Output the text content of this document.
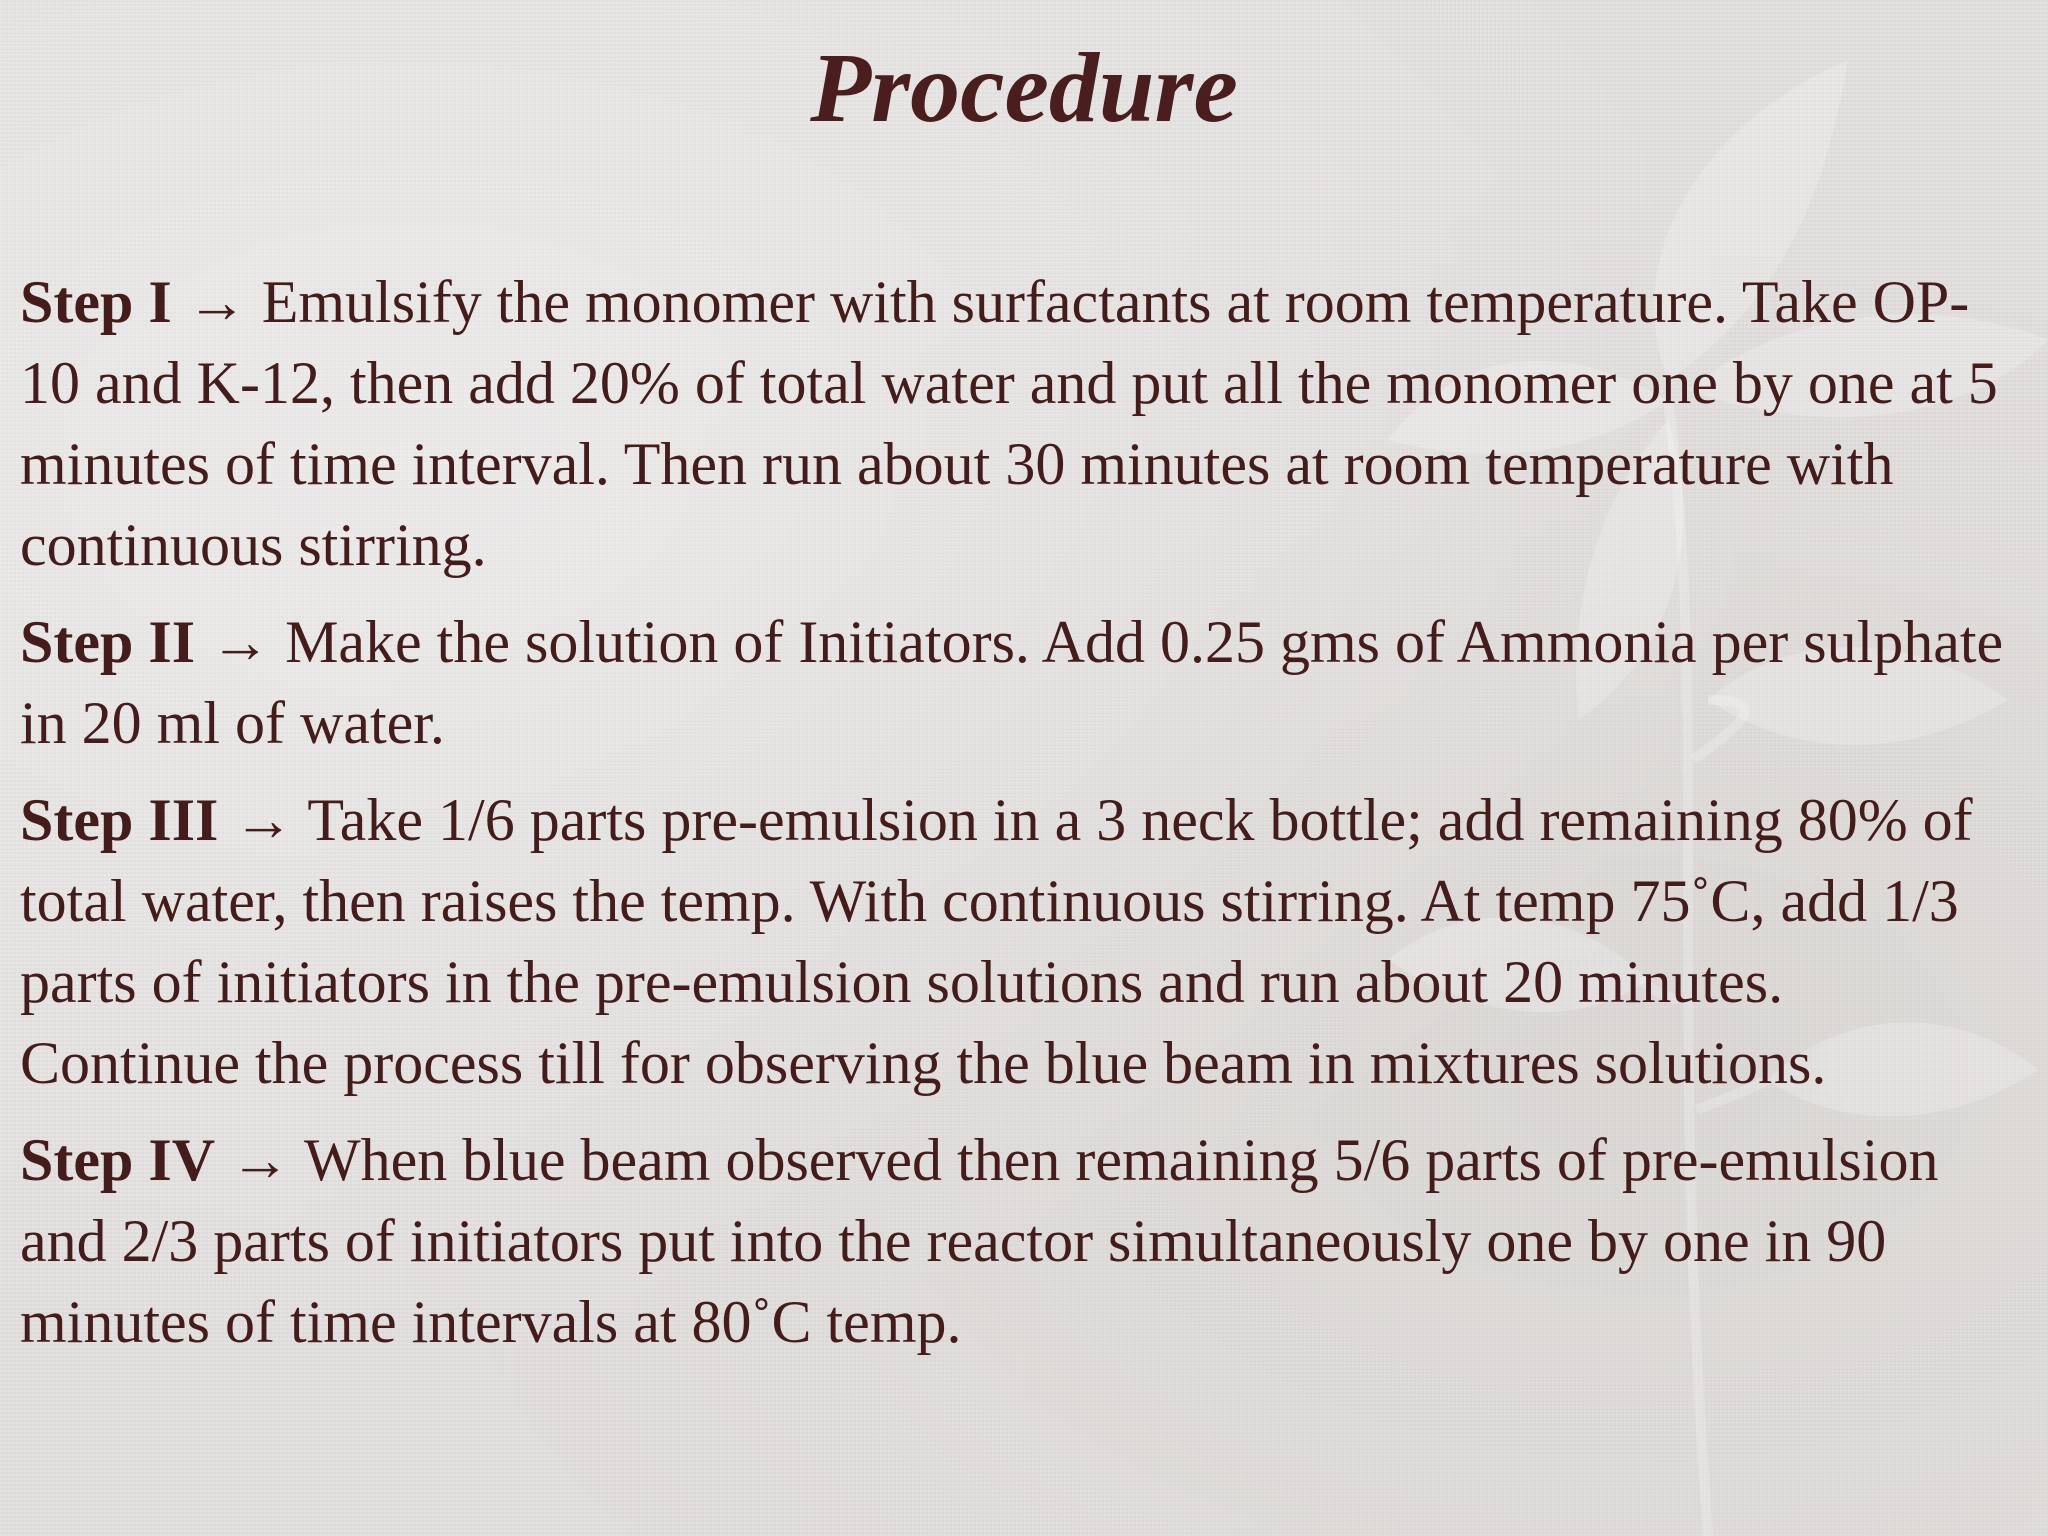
Procedure

Step I → Emulsify the monomer with surfactants at room temperature. Take OP-10 and K-12, then add 20% of total water and put all the monomer one by one at 5 minutes of time interval. Then run about 30 minutes at room temperature with continuous stirring.

Step II → Make the solution of Initiators. Add 0.25 gms of Ammonia per sulphate in 20 ml of water.

Step III → Take 1/6 parts pre-emulsion in a 3 neck bottle; add remaining 80% of total water, then raises the temp. With continuous stirring. At temp 75˚C, add 1/3 parts of initiators in the pre-emulsion solutions and run about 20 minutes. Continue the process till for observing the blue beam in mixtures solutions.

Step IV → When blue beam observed then remaining 5/6 parts of pre-emulsion and 2/3 parts of initiators put into the reactor simultaneously one by one in 90 minutes of time intervals at 80˚C temp.
